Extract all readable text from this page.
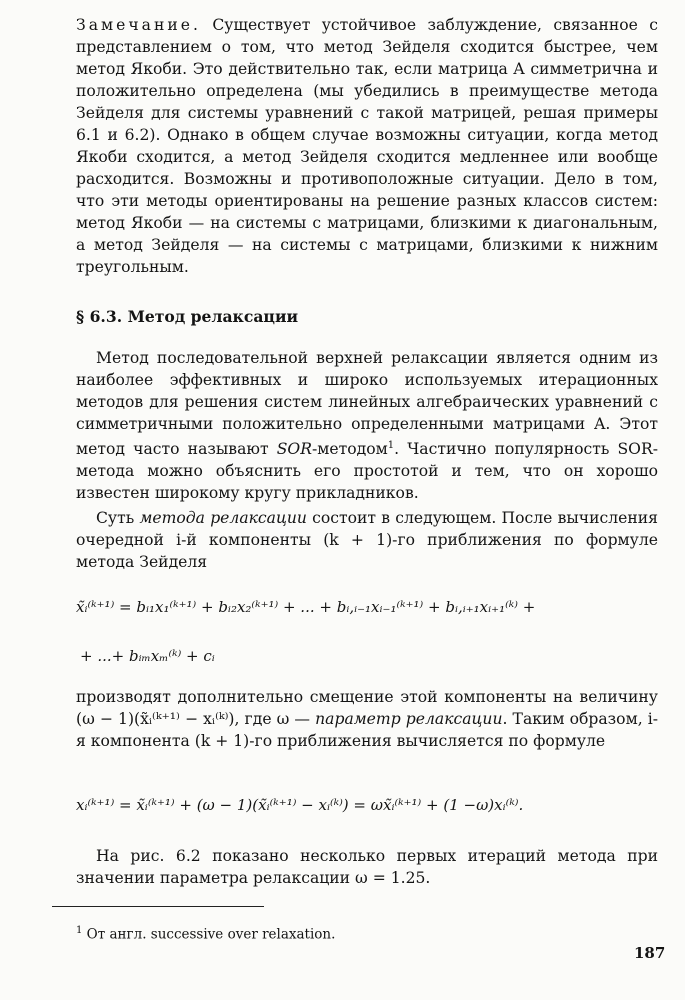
Замечание. Существует устойчивое заблуждение, связанное с представлением о том, что метод Зейделя сходится быстрее, чем метод Якоби. Это действительно так, если матрица A симметрична и положительно определена (мы убедились в преимуществе метода Зейделя для системы уравнений с такой матрицей, решая примеры 6.1 и 6.2). Однако в общем случае возможны ситуации, когда метод Якоби сходится, а метод Зейделя сходится медленнее или вообще расходится. Возможны и противоположные ситуации. Дело в том, что эти методы ориентированы на решение разных классов систем: метод Якоби — на системы с матрицами, близкими к диагональным, а метод Зейделя — на системы с матрицами, близкими к нижним треугольным.

§ 6.3. Метод релаксации

Метод последовательной верхней релаксации является одним из наиболее эффективных и широко используемых итерационных методов для решения систем линейных алгебраических уравнений с симметричными положительно определенными матрицами A. Этот метод часто называют SOR-методом$^1$. Частично популярность SOR-метода можно объяснить его простотой и тем, что он хорошо известен широкому кругу прикладников.

Суть метода релаксации состоит в следующем. После вычисления очередной i-й компоненты (k + 1)-го приближения по формуле метода Зейделя

x̃ᵢ⁽ᵏ⁺¹⁾ = bᵢ₁x₁⁽ᵏ⁺¹⁾ + bᵢ₂x₂⁽ᵏ⁺¹⁾ + ... + bᵢ,ᵢ₋₁xᵢ₋₁⁽ᵏ⁺¹⁾ + bᵢ,ᵢ₊₁xᵢ₊₁⁽ᵏ⁾ +
+ ...+ bᵢₘxₘ⁽ᵏ⁾ + cᵢ

производят дополнительно смещение этой компоненты на величину (ω − 1)(x̃ᵢ⁽ᵏ⁺¹⁾ − xᵢ⁽ᵏ⁾), где ω — параметр релаксации. Таким образом, i-я компонента (k + 1)-го приближения вычисляется по формуле

xᵢ⁽ᵏ⁺¹⁾ = x̃ᵢ⁽ᵏ⁺¹⁾ + (ω − 1)(x̃ᵢ⁽ᵏ⁺¹⁾ − xᵢ⁽ᵏ⁾) = ωx̃ᵢ⁽ᵏ⁺¹⁾ + (1 −ω)xᵢ⁽ᵏ⁾.

На рис. 6.2 показано несколько первых итераций метода при значении параметра релаксации ω = 1.25.

$^1$ От англ. successive over relaxation.
187
